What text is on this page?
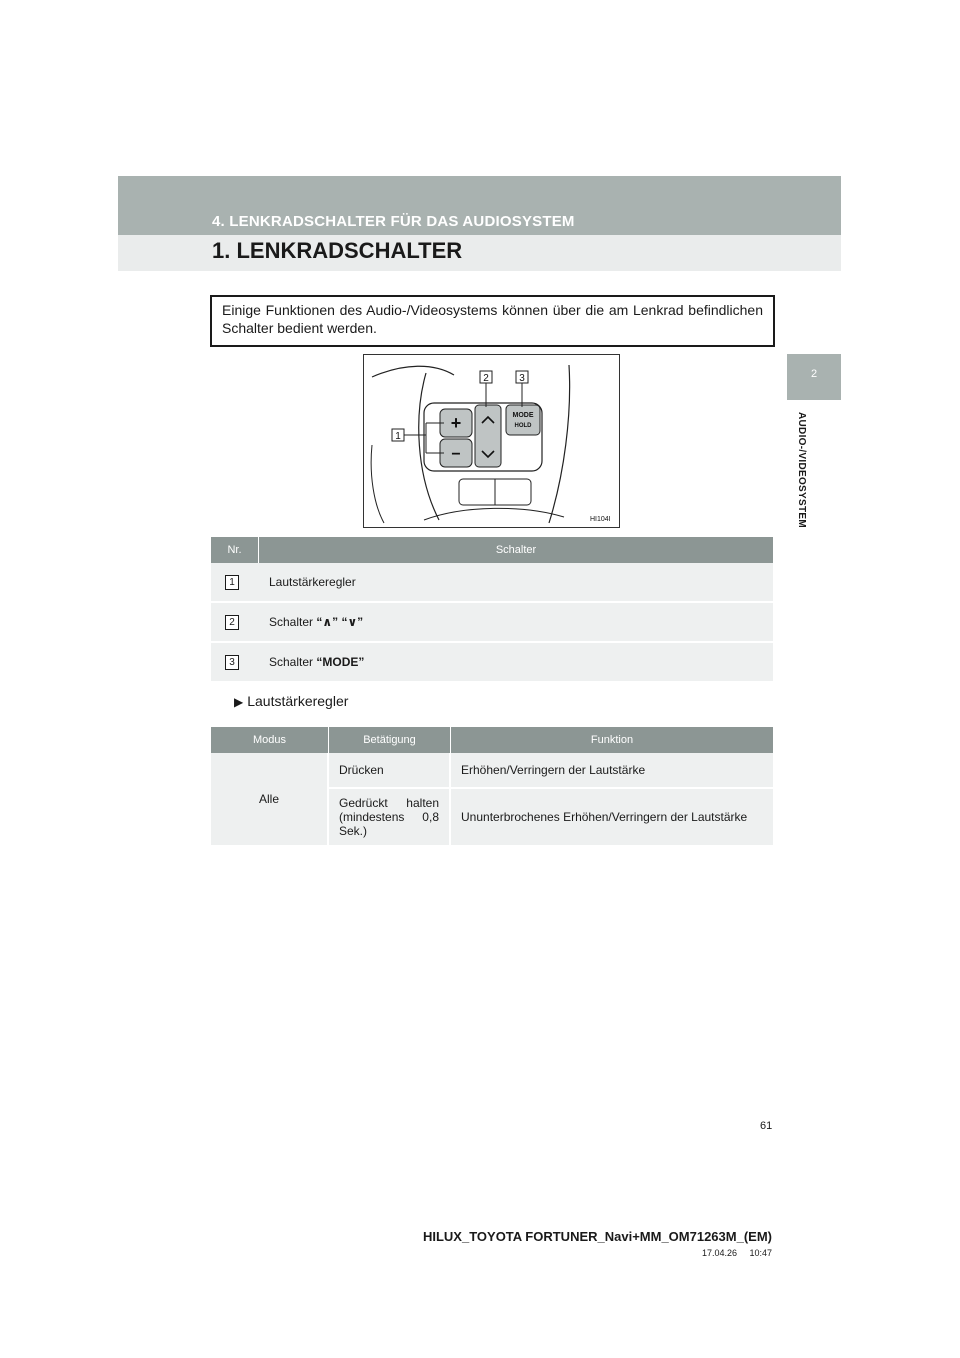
4. LENKRADSCHALTER FÜR DAS AUDIOSYSTEM
1. LENKRADSCHALTER
2
AUDIO-/VIDEOSYSTEM
Einige Funktionen des Audio-/Videosystems können über die am Lenkrad befindlichen Schalter bedient werden.
+
−
MODE
HOLD
1
2	3
HI104I
Nr.	Schalter
1	Lautstärkeregler
2	Schalter “∧” “∨”
3	Schalter “MODE”
▶ Lautstärkeregler
Modus	Betätigung	Funktion
Alle	Drücken	Erhöhen/Verringern der Lautstärke
	Gedrückt halten (mindestens 0,8 Sek.)	Ununterbrochenes Erhöhen/Verringern der Lautstärke
61
HILUX_TOYOTA FORTUNER_Navi+MM_OM71263M_(EM)
17.04.26     10:47
